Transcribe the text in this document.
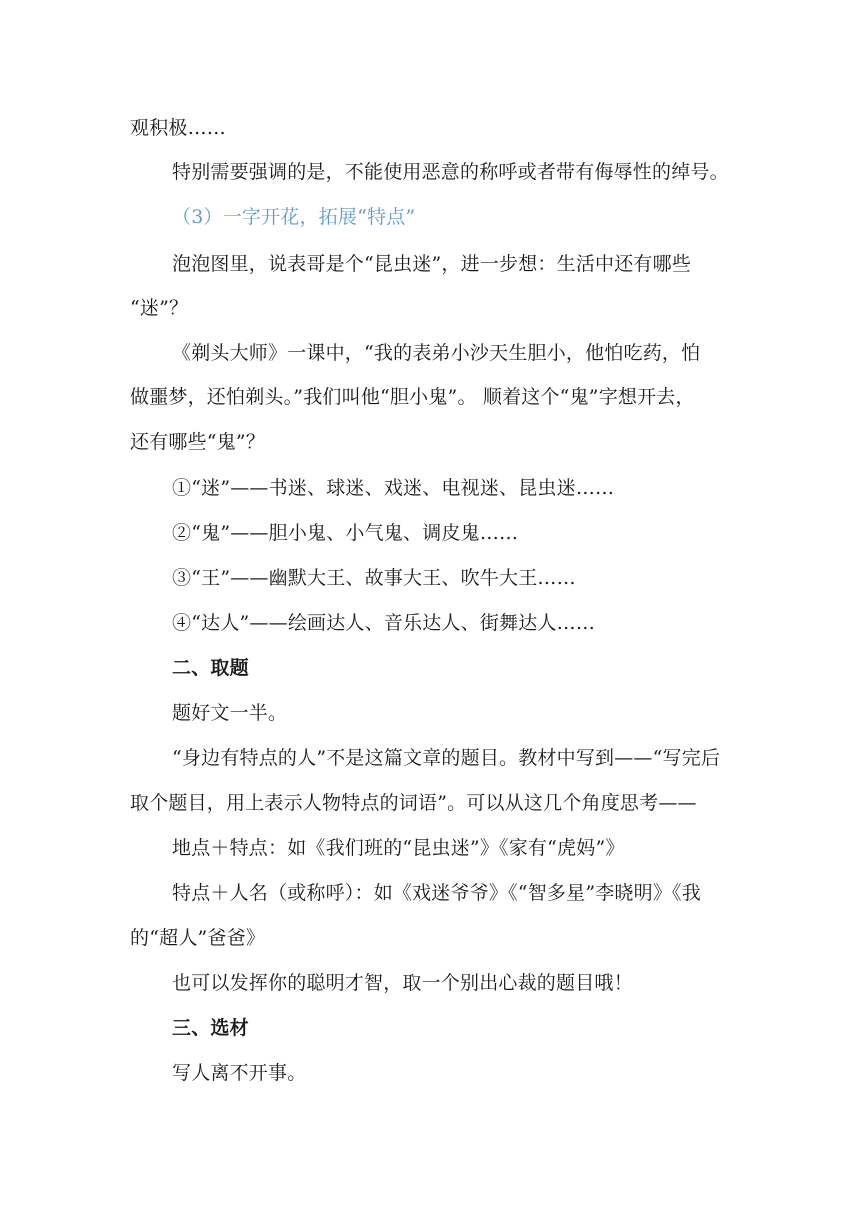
观积极……
特别需要强调的是，不能使用恶意的称呼或者带有侮辱性的绰号。
（3）一字开花，拓展“特点”
泡泡图里，说表哥是个“昆虫迷”，进一步想：生活中还有哪些
“迷”？
《剃头大师》一课中，“我的表弟小沙天生胆小，他怕吃药，怕
做噩梦，还怕剃头。”我们叫他“胆小鬼”。 顺着这个“鬼”字想开去，
还有哪些“鬼”？
①“迷”——书迷、球迷、戏迷、电视迷、昆虫迷……
②“鬼”——胆小鬼、小气鬼、调皮鬼……
③“王”——幽默大王、故事大王、吹牛大王……
④“达人”——绘画达人、音乐达人、街舞达人……
二、取题
题好文一半。
“身边有特点的人”不是这篇文章的题目。教材中写到——“写完后
取个题目，用上表示人物特点的词语”。可以从这几个角度思考——
地点＋特点：如《我们班的“昆虫迷”》《家有“虎妈”》
特点＋人名（或称呼）：如《戏迷爷爷》《“智多星”李晓明》《我
的“超人”爸爸》
也可以发挥你的聪明才智，取一个别出心裁的题目哦！
三、选材
写人离不开事。
